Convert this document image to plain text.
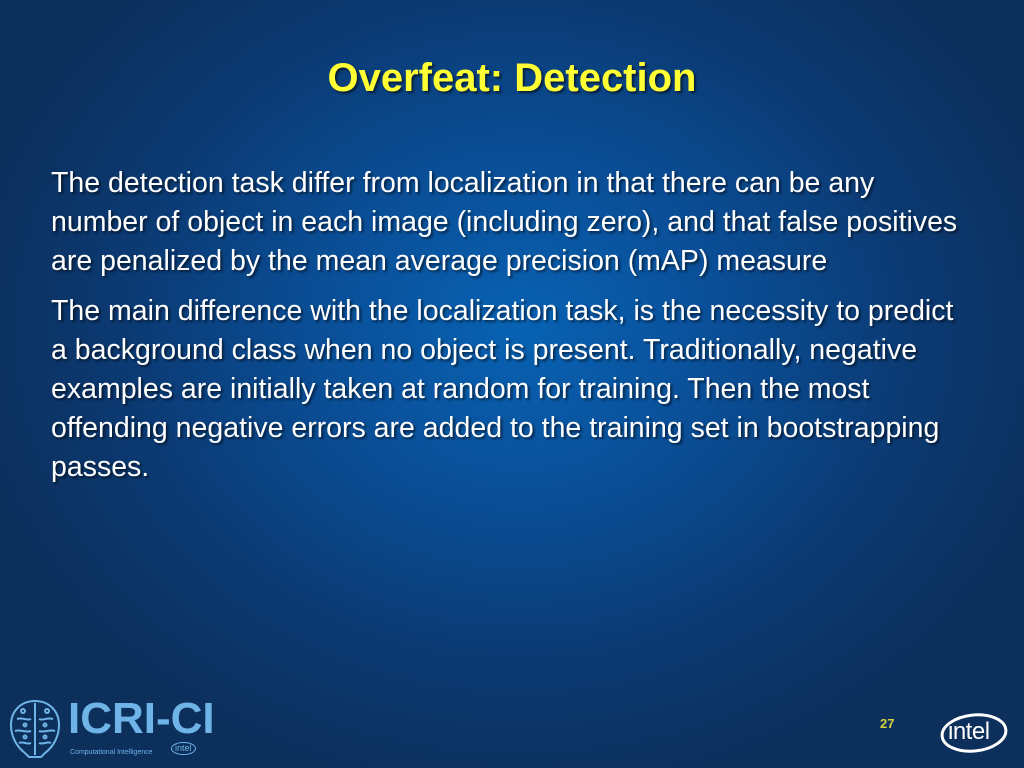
Overfeat: Detection

The detection task differ from localization in that there can be any number of object in each image (including zero), and that false positives are penalized by the mean average precision (mAP) measure

The main difference with the localization task, is the necessity to predict a background class when no object is present. Traditionally, negative examples are initially taken at random for training. Then the most offending negative errors are added to the training set in bootstrapping passes.

ICRI-CI
Computational Intelligence	intel
27 intel
